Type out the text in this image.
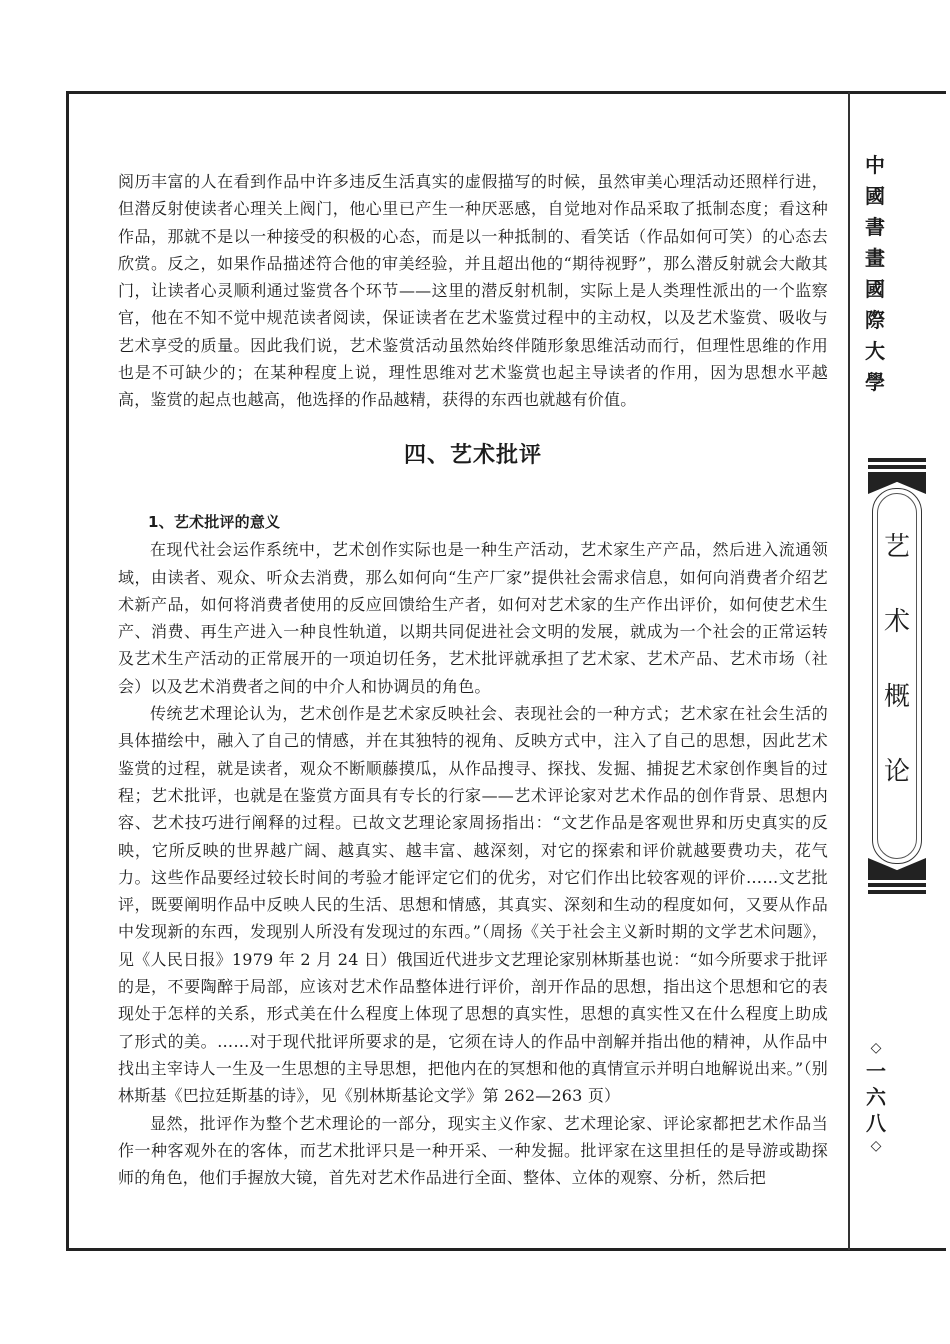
阅历丰富的人在看到作品中许多违反生活真实的虚假描写的时候，虽然审美心理活动还照样行进，但潜反射使读者心理关上阀门，他心里已产生一种厌恶感，自觉地对作品采取了抵制态度；看这种作品，那就不是以一种接受的积极的心态，而是以一种抵制的、看笑话（作品如何可笑）的心态去欣赏。反之，如果作品描述符合他的审美经验，并且超出他的“期待视野”，那么潜反射就会大敞其门，让读者心灵顺利通过鉴赏各个环节——这里的潜反射机制，实际上是人类理性派出的一个监察官，他在不知不觉中规范读者阅读，保证读者在艺术鉴赏过程中的主动权，以及艺术鉴赏、吸收与艺术享受的质量。因此我们说，艺术鉴赏活动虽然始终伴随形象思维活动而行，但理性思维的作用也是不可缺少的；在某种程度上说，理性思维对艺术鉴赏也起主导读者的作用，因为思想水平越高，鉴赏的起点也越高，他选择的作品越精，获得的东西也就越有价值。

四、艺术批评

1、艺术批评的意义

在现代社会运作系统中，艺术创作实际也是一种生产活动，艺术家生产产品，然后进入流通领域，由读者、观众、听众去消费，那么如何向“生产厂家”提供社会需求信息，如何向消费者介绍艺术新产品，如何将消费者使用的反应回馈给生产者，如何对艺术家的生产作出评价，如何使艺术生产、消费、再生产进入一种良性轨道，以期共同促进社会文明的发展，就成为一个社会的正常运转及艺术生产活动的正常展开的一项迫切任务，艺术批评就承担了艺术家、艺术产品、艺术市场（社会）以及艺术消费者之间的中介人和协调员的角色。

传统艺术理论认为，艺术创作是艺术家反映社会、表现社会的一种方式；艺术家在社会生活的具体描绘中，融入了自己的情感，并在其独特的视角、反映方式中，注入了自己的思想，因此艺术鉴赏的过程，就是读者，观众不断顺藤摸瓜，从作品搜寻、探找、发掘、捕捉艺术家创作奥旨的过程；艺术批评，也就是在鉴赏方面具有专长的行家——艺术评论家对艺术作品的创作背景、思想内容、艺术技巧进行阐释的过程。已故文艺理论家周扬指出：“文艺作品是客观世界和历史真实的反映，它所反映的世界越广阔、越真实、越丰富、越深刻，对它的探索和评价就越要费功夫，花气力。这些作品要经过较长时间的考验才能评定它们的优劣，对它们作出比较客观的评价……文艺批评，既要阐明作品中反映人民的生活、思想和情感，其真实、深刻和生动的程度如何，又要从作品中发现新的东西，发现别人所没有发现过的东西。”（周扬《关于社会主义新时期的文学艺术问题》，见《人民日报》1979 年 2 月 24 日）俄国近代进步文艺理论家别林斯基也说：“如今所要求于批评的是，不要陶醉于局部，应该对艺术作品整体进行评价，剖开作品的思想，指出这个思想和它的表现处于怎样的关系，形式美在什么程度上体现了思想的真实性，思想的真实性又在什么程度上助成了形式的美。……对于现代批评所要求的是，它须在诗人的作品中剖解并指出他的精神，从作品中找出主宰诗人一生及一生思想的主导思想，把他内在的冥想和他的真情宣示并明白地解说出来。”（别林斯基《巴拉廷斯基的诗》，见《别林斯基论文学》第 262—263 页）

显然，批评作为整个艺术理论的一部分，现实主义作家、艺术理论家、评论家都把艺术作品当作一种客观外在的客体，而艺术批评只是一种开采、一种发掘。批评家在这里担任的是导游或勘探师的角色，他们手握放大镜，首先对艺术作品进行全面、整体、立体的观察、分析，然后把

中
國
書
畫
國
際
大
學
艺
术
概
论
◇
一
六
八
◇
